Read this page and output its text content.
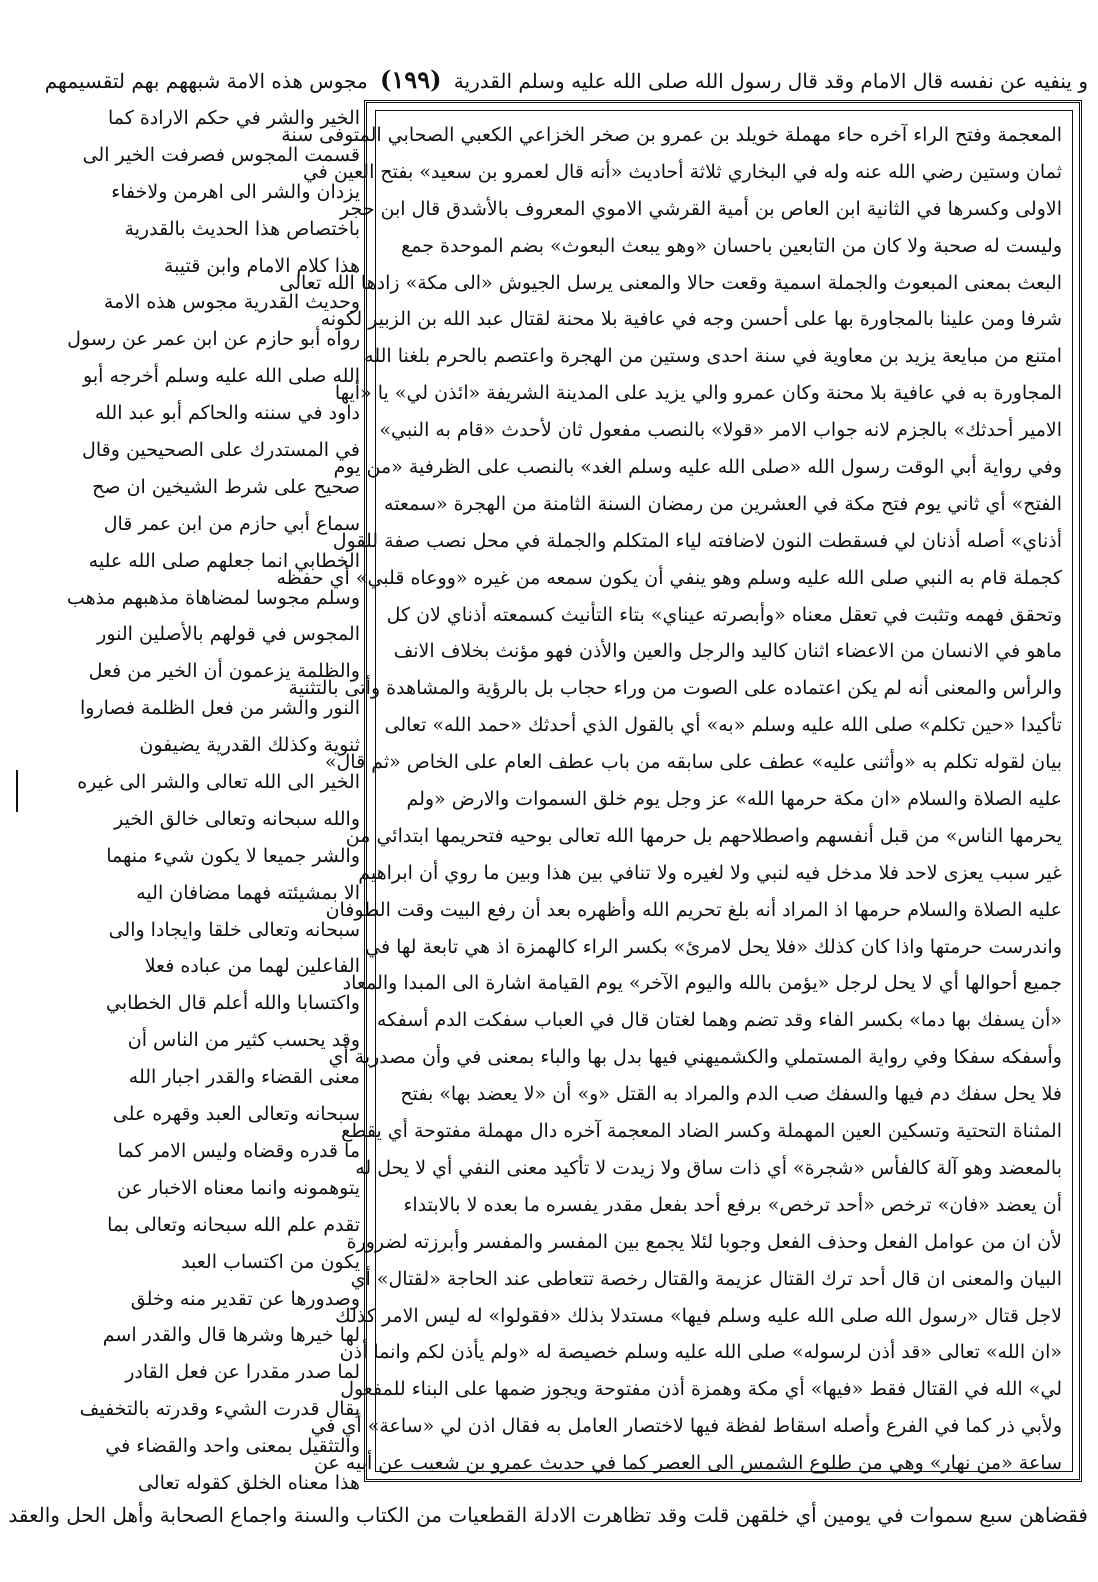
و ينفيه عن نفسه قال الامام وقد قال رسول الله صلى الله عليه وسلم القدرية (١٩٩) مجوس هذه الامة شبههم بهم لتقسيمهم
الخير والشر في حكم الارادة كما
قسمت المجوس فصرفت الخير الى
يزدان والشر الى اهرمن ولاخفاء
باختصاص هذا الحديث بالقدرية
هذا كلام الامام وابن قتيبة
وحديث القدرية مجوس هذه الامة
رواه أبو حازم عن ابن عمر عن رسول
الله صلى الله عليه وسلم أخرجه أبو
داود في سننه والحاكم أبو عبد الله
في المستدرك على الصحيحين وقال
صحيح على شرط الشيخين ان صح
سماع أبي حازم من ابن عمر قال
الخطابي انما جعلهم صلى الله عليه
وسلم مجوسا لمضاهاة مذهبهم مذهب
المجوس في قولهم بالأصلين النور
والظلمة يزعمون أن الخير من فعل
النور والشر من فعل الظلمة فصاروا
ثنوية وكذلك القدرية يضيفون
الخير الى الله تعالى والشر الى غيره
والله سبحانه وتعالى خالق الخير
والشر جميعا لا يكون شيء منهما
الا بمشيئته فهما مضافان اليه
سبحانه وتعالى خلقا وايجادا والى
الفاعلين لهما من عباده فعلا
واكتسابا والله أعلم قال الخطابي
وقد يحسب كثير من الناس أن
معنى القضاء والقدر اجبار الله
سبحانه وتعالى العبد وقهره على
ما قدره وقضاه وليس الامر كما
يتوهمونه وانما معناه الاخبار عن
تقدم علم الله سبحانه وتعالى بما
يكون من اكتساب العبد
وصدورها عن تقدير منه وخلق
لها خيرها وشرها قال والقدر اسم
لما صدر مقدرا عن فعل القادر
يقال قدرت الشيء وقدرته بالتخفيف
والتثقيل بمعنى واحد والقضاء في
هذا معناه الخلق كقوله تعالى
المعجمة وفتح الراء آخره حاء مهملة خويلد بن عمرو بن صخر الخزاعي الكعبي الصحابي المتوفى سنة
ثمان وستين رضي الله عنه وله في البخاري ثلاثة أحاديث «أنه قال لعمرو بن سعيد» بفتح العين في
الاولى وكسرها في الثانية ابن العاص بن أمية القرشي الاموي المعروف بالأشدق قال ابن حجر
وليست له صحبة ولا كان من التابعين باحسان «وهو يبعث البعوث» بضم الموحدة جمع
البعث بمعنى المبعوث والجملة اسمية وقعت حالا والمعنى يرسل الجيوش «الى مكة» زادها الله تعالى
شرفا ومن علينا بالمجاورة بها على أحسن وجه في عافية بلا محنة لقتال عبد الله بن الزبير لكونه
امتنع من مبايعة يزيد بن معاوية في سنة احدى وستين من الهجرة واعتصم بالحرم بلغنا الله
المجاورة به في عافية بلا محنة وكان عمرو والي يزيد على المدينة الشريفة «ائذن لي» يا «أيها
الامير أحدثك» بالجزم لانه جواب الامر «قولا» بالنصب مفعول ثان لأحدث «قام به النبي»
وفي رواية أبي الوقت رسول الله «صلى الله عليه وسلم الغد» بالنصب على الظرفية «من يوم
الفتح» أي ثاني يوم فتح مكة في العشرين من رمضان السنة الثامنة من الهجرة «سمعته
أذناي» أصله أذنان لي فسقطت النون لاضافته لياء المتكلم والجملة في محل نصب صفة للقول
كجملة قام به النبي صلى الله عليه وسلم وهو ينفي أن يكون سمعه من غيره «ووعاه قلبي» أي حفظه
وتحقق فهمه وتثبت في تعقل معناه «وأبصرته عيناي» بتاء التأنيث كسمعته أذناي لان كل
ماهو في الانسان من الاعضاء اثنان كاليد والرجل والعين والأذن فهو مؤنث بخلاف الانف
والرأس والمعنى أنه لم يكن اعتماده على الصوت من وراء حجاب بل بالرؤية والمشاهدة وأتى بالتثنية
تأكيدا «حين تكلم» صلى الله عليه وسلم «به» أي بالقول الذي أحدثك «حمد الله» تعالى
بيان لقوله تكلم به «وأثنى عليه» عطف على سابقه من باب عطف العام على الخاص «ثم قال»
عليه الصلاة والسلام «ان مكة حرمها الله» عز وجل يوم خلق السموات والارض «ولم
يحرمها الناس» من قبل أنفسهم واصطلاحهم بل حرمها الله تعالى بوحيه فتحريمها ابتدائي من
غير سبب يعزى لاحد فلا مدخل فيه لنبي ولا لغيره ولا تنافي بين هذا وبين ما روي أن ابراهيم
عليه الصلاة والسلام حرمها اذ المراد أنه بلغ تحريم الله وأظهره بعد أن رفع البيت وقت الطوفان
واندرست حرمتها واذا كان كذلك «فلا يحل لامرئ» بكسر الراء كالهمزة اذ هي تابعة لها في
جميع أحوالها أي لا يحل لرجل «يؤمن بالله واليوم الآخر» يوم القيامة اشارة الى المبدا والمعاد
«أن يسفك بها دما» بكسر الفاء وقد تضم وهما لغتان قال في العباب سفكت الدم أسفكه
وأسفكه سفكا وفي رواية المستملي والكشميهني فيها بدل بها والباء بمعنى في وأن مصدرية أي
فلا يحل سفك دم فيها والسفك صب الدم والمراد به القتل «و» أن «لا يعضد بها» بفتح
المثناة التحتية وتسكين العين المهملة وكسر الضاد المعجمة آخره دال مهملة مفتوحة أي يقطع
بالمعضد وهو آلة كالفأس «شجرة» أي ذات ساق ولا زيدت لا تأكيد معنى النفي أي لا يحل له
أن يعضد «فان» ترخص «أحد ترخص» برفع أحد بفعل مقدر يفسره ما بعده لا بالابتداء
لأن ان من عوامل الفعل وحذف الفعل وجوبا لئلا يجمع بين المفسر والمفسر وأبرزته لضرورة
البيان والمعنى ان قال أحد ترك القتال عزيمة والقتال رخصة تتعاطى عند الحاجة «لقتال» أي
لاجل قتال «رسول الله صلى الله عليه وسلم فيها» مستدلا بذلك «فقولوا» له ليس الامر كذلك
«ان الله» تعالى «قد أذن لرسوله» صلى الله عليه وسلم خصيصة له «ولم يأذن لكم وانما أذن
لي» الله في القتال فقط «فيها» أي مكة وهمزة أذن مفتوحة ويجوز ضمها على البناء للمفعول
ولأبي ذر كما في الفرع وأصله اسقاط لفظة فيها لاختصار العامل به فقال اذن لي «ساعة» أي في
ساعة «من نهار» وهي من طلوع الشمس الى العصر كما في حديث عمرو بن شعيب عن أبيه عن
فقضاهن سبع سموات في يومين أي خلقهن قلت وقد تظاهرت الادلة القطعيات من الكتاب والسنة واجماع الصحابة وأهل الحل والعقد
